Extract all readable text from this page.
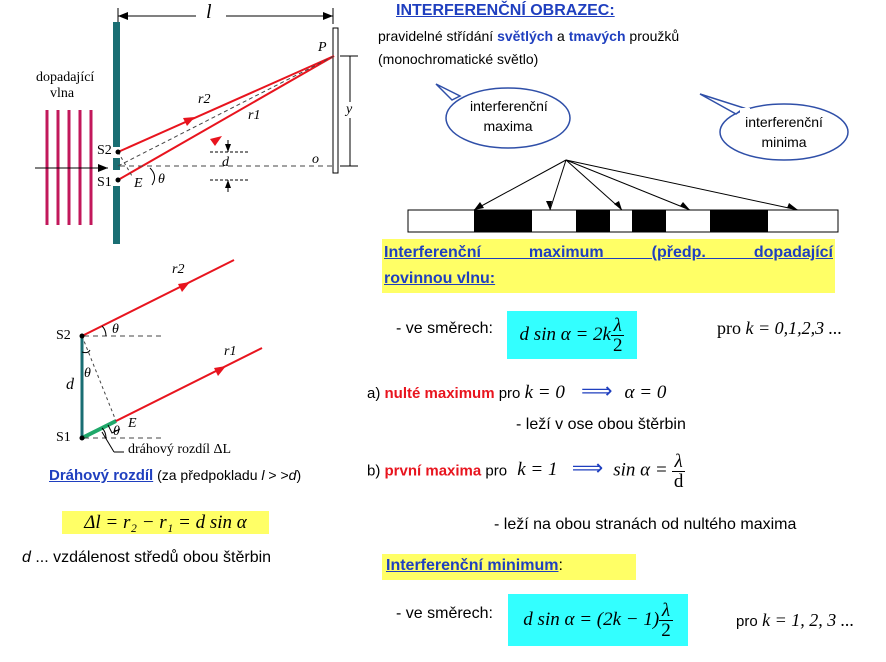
l
dopadající
vlna
P
y
r2
r1
S2
S1
d
E θ
o
r2
r1
S2
S1
d
θ
θ
θ
E
dráhový rozdíl ΔL
Dráhový rozdíl (za předpokladu l > >d)
Δl = r₂ − r₁ = d sin α
d ... vzdálenost středů obou štěrbin
INTERFERENČNÍ OBRAZEC:
pravidelné střídání světlých a tmavých proužků
(monochromatické světlo)
interferenční
maxima	interferenční
minima
Interferenční maximum (předp. dopadající
rovinnou vlnu:
- ve směrech:	d $\sin \alpha = 2k \frac{\lambda}{2}$	pro k = 0,1,2,3 ...
a) nulté maximum pro k = 0 ⟹ α = 0
- leží v ose obou štěrbin
b) první maxima pro k = 1 ⟹ $\sin \alpha = \frac{\lambda}{d}$
- leží na obou stranách od nultého maxima
Interferenční minimum:
- ve směrech:	d $\sin \alpha = (2k - 1) \frac{\lambda}{2}$	pro k = 1, 2, 3 ...
